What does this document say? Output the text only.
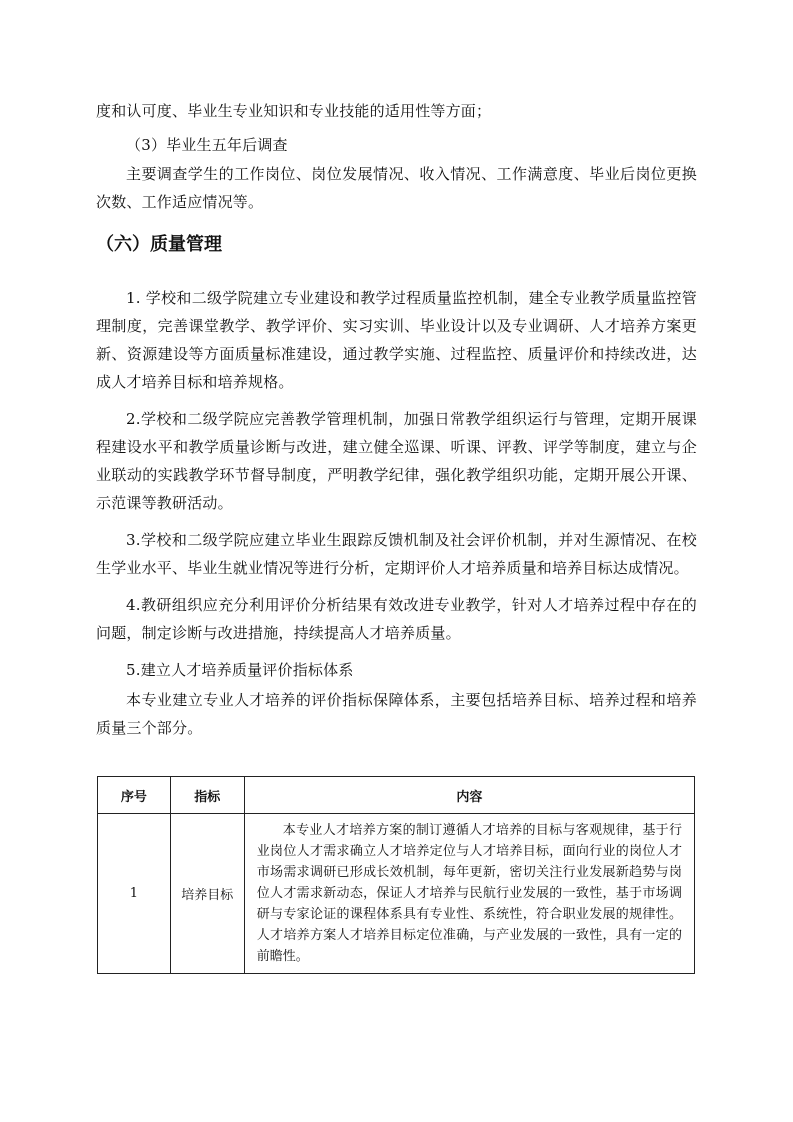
度和认可度、毕业生专业知识和专业技能的适用性等方面；

（3）毕业生五年后调查

主要调查学生的工作岗位、岗位发展情况、收入情况、工作满意度、毕业后岗位更换次数、工作适应情况等。

（六）质量管理

1. 学校和二级学院建立专业建设和教学过程质量监控机制，建全专业教学质量监控管理制度，完善课堂教学、教学评价、实习实训、毕业设计以及专业调研、人才培养方案更新、资源建设等方面质量标准建设，通过教学实施、过程监控、质量评价和持续改进，达成人才培养目标和培养规格。

2.学校和二级学院应完善教学管理机制，加强日常教学组织运行与管理，定期开展课程建设水平和教学质量诊断与改进，建立健全巡课、听课、评教、评学等制度，建立与企业联动的实践教学环节督导制度，严明教学纪律，强化教学组织功能，定期开展公开课、示范课等教研活动。

3.学校和二级学院应建立毕业生跟踪反馈机制及社会评价机制，并对生源情况、在校生学业水平、毕业生就业情况等进行分析，定期评价人才培养质量和培养目标达成情况。

4.教研组织应充分利用评价分析结果有效改进专业教学，针对人才培养过程中存在的问题，制定诊断与改进措施，持续提高人才培养质量。

5.建立人才培养质量评价指标体系

本专业建立专业人才培养的评价指标保障体系，主要包括培养目标、培养过程和培养质量三个部分。

序号	指标	内容
1	培养目标	本专业人才培养方案的制订遵循人才培养的目标与客观规律，基于行业岗位人才需求确立人才培养定位与人才培养目标，面向行业的岗位人才市场需求调研已形成长效机制，每年更新，密切关注行业发展新趋势与岗位人才需求新动态，保证人才培养与民航行业发展的一致性，基于市场调研与专家论证的课程体系具有专业性、系统性，符合职业发展的规律性。人才培养方案人才培养目标定位准确，与产业发展的一致性，具有一定的前瞻性。
